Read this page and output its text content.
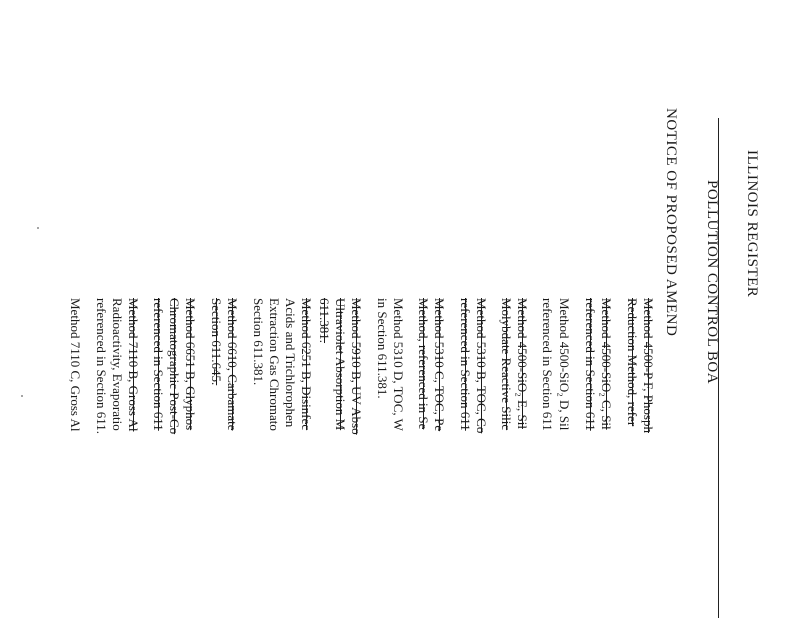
ILLINOIS REGISTER
POLLUTION CONTROL BOA
NOTICE OF PROPOSED AMEND
Method 4500-P F, Phosph
Reduction Method, refer
Method 4500-SiO₂ C, Sil
referenced in Section 611
Method 4500-SiO₂ D, Sil
referenced in Section 611
Method 4500-SiO₂ E, Sil
Molybdate Reactive Silic
Method 5310 B, TOC, Co
referenced in Section 611
Method 5310 C, TOC, Pe
Method, referenced in Se
Method 5310 D, TOC, W
in Section 611.381.
Method 5910 B, UV Abso
Ultraviolet Absorption M
611.381.
Method 6251 B, Disinfec
Acids and Trichlorophen
Extraction Gas Chromato
Section 611.381.
Method 6610, Carbamate
Section 611.645.
Method 6651 B, Glyphos
Chromatographic Post-Co
referenced in Section 611
Method 7110 B, Gross Al
Radioactivity, Evaporatio
referenced in Section 611.
Method 7110 C, Gross Al
